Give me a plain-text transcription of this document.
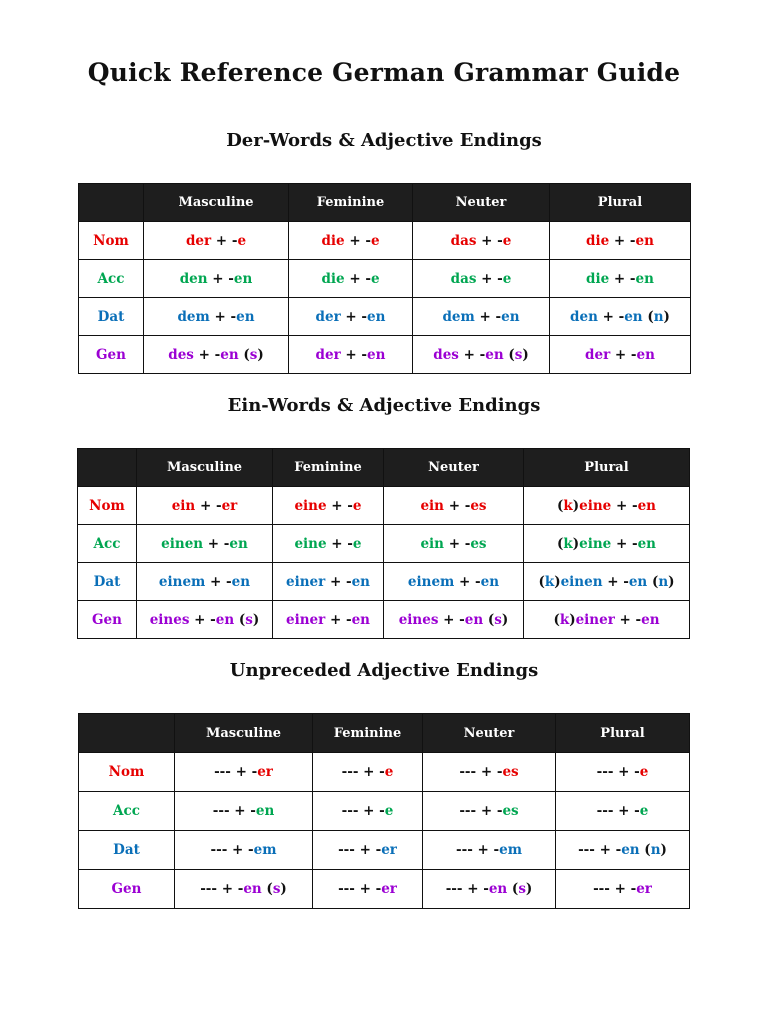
Quick Reference German Grammar Guide
Der-Words & Adjective Endings
	Masculine	Feminine	Neuter	Plural
Nom	der + -e	die + -e	das + -e	die + -en
Acc	den + -en	die + -e	das + -e	die + -en
Dat	dem + -en	der + -en	dem + -en	den + -en (n)
Gen	des + -en (s)	der + -en	des + -en (s)	der + -en
Ein-Words & Adjective Endings
	Masculine	Feminine	Neuter	Plural
Nom	ein + -er	eine + -e	ein + -es	(k)eine + -en
Acc	einen + -en	eine + -e	ein + -es	(k)eine + -en
Dat	einem + -en	einer + -en	einem + -en	(k)einen + -en (n)
Gen	eines + -en (s)	einer + -en	eines + -en (s)	(k)einer + -en
Unpreceded Adjective Endings
	Masculine	Feminine	Neuter	Plural
Nom	--- + -er	--- + -e	--- + -es	--- + -e
Acc	--- + -en	--- + -e	--- + -es	--- + -e
Dat	--- + -em	--- + -er	--- + -em	--- + -en (n)
Gen	--- + -en (s)	--- + -er	--- + -en (s)	--- + -er
